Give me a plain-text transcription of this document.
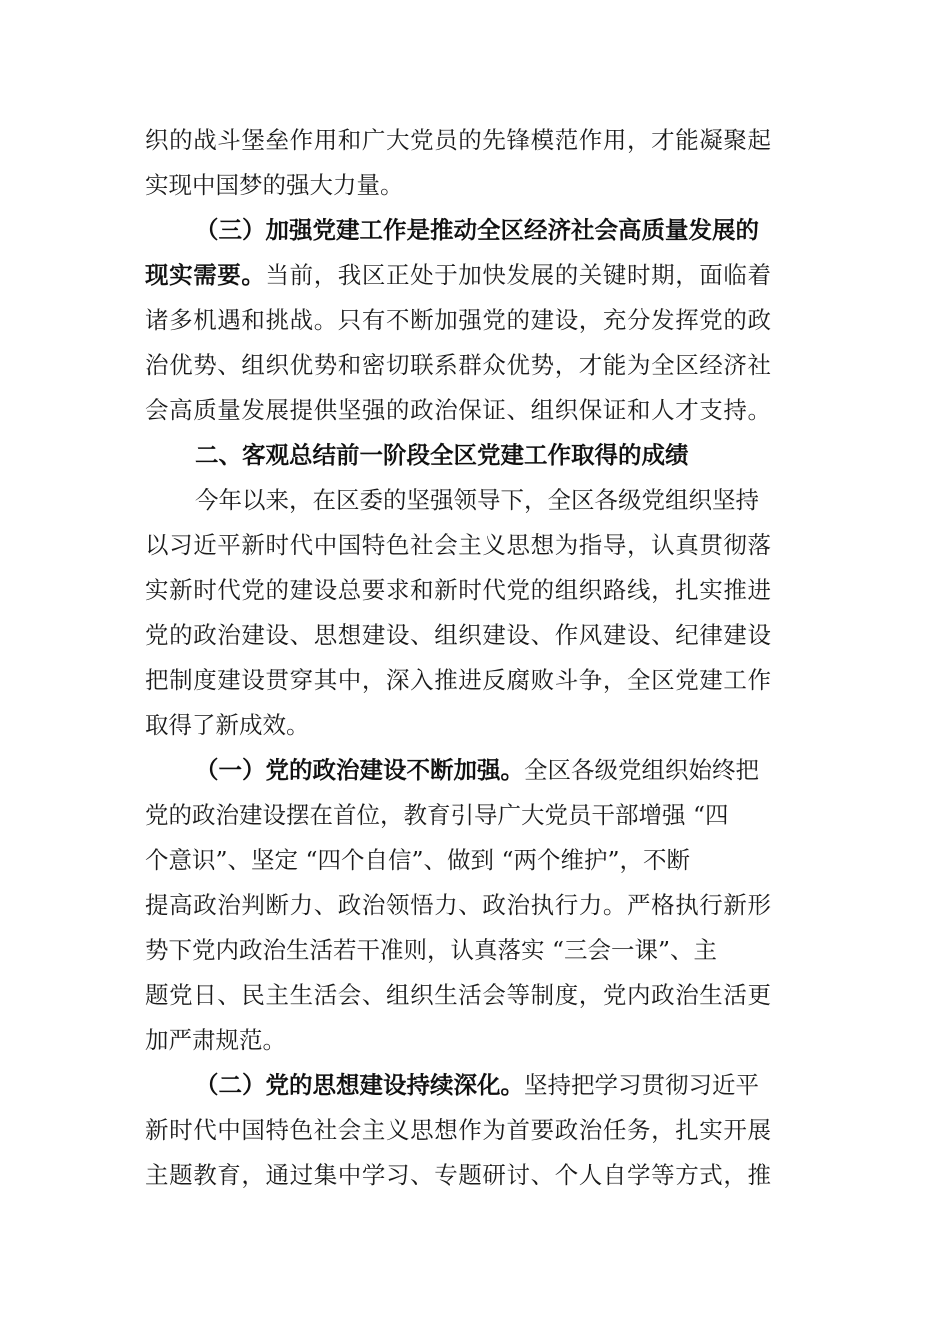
织的战斗堡垒作用和广大党员的先锋模范作用，才能凝聚起
实现中国梦的强大力量。
（三）加强党建工作是推动全区经济社会高质量发展的
现实需要。当前，我区正处于加快发展的关键时期，面临着
诸多机遇和挑战。只有不断加强党的建设，充分发挥党的政
治优势、组织优势和密切联系群众优势，才能为全区经济社
会高质量发展提供坚强的政治保证、组织保证和人才支持。
二、客观总结前一阶段全区党建工作取得的成绩
今年以来，在区委的坚强领导下，全区各级党组织坚持
以习近平新时代中国特色社会主义思想为指导，认真贯彻落
实新时代党的建设总要求和新时代党的组织路线，扎实推进
党的政治建设、思想建设、组织建设、作风建设、纪律建设
把制度建设贯穿其中，深入推进反腐败斗争，全区党建工作
取得了新成效。
（一）党的政治建设不断加强。全区各级党组织始终把
党的政治建设摆在首位，教育引导广大党员干部增强 “四
个意识”、坚定 “四个自信”、做到 “两个维护”，不断
提高政治判断力、政治领悟力、政治执行力。严格执行新形
势下党内政治生活若干准则，认真落实 “三会一课”、主
题党日、民主生活会、组织生活会等制度，党内政治生活更
加严肃规范。
（二）党的思想建设持续深化。坚持把学习贯彻习近平
新时代中国特色社会主义思想作为首要政治任务，扎实开展
主题教育，通过集中学习、专题研讨、个人自学等方式，推
